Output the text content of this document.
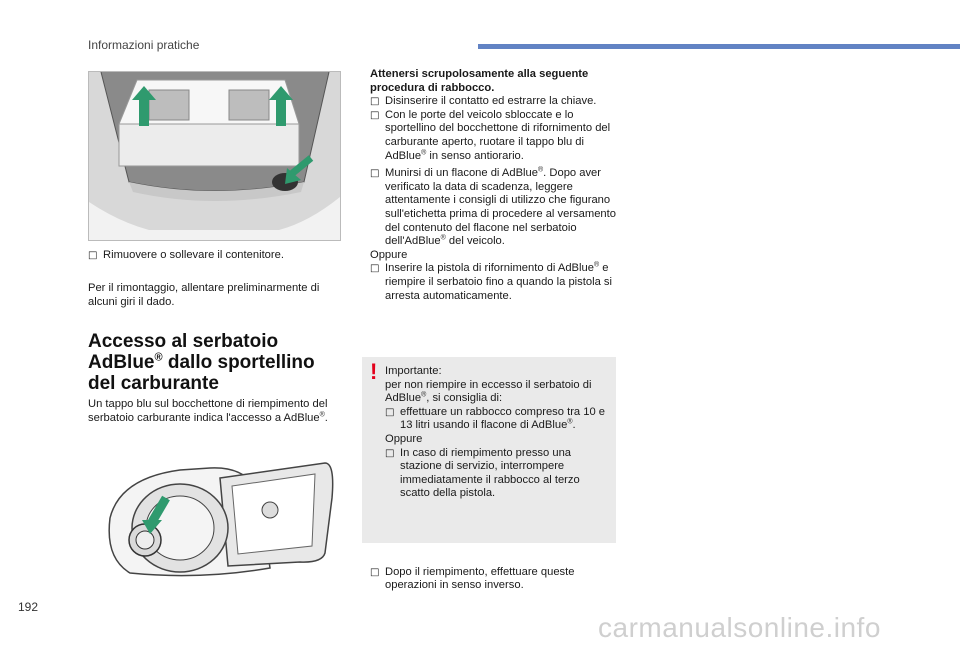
Informazioni pratiche
□
Rimuovere o sollevare il contenitore.
Per il rimontaggio, allentare preliminarmente di alcuni giri il dado.
Accesso al serbatoio
AdBlue® dallo sportellino
del carburante
Un tappo blu sul bocchettone di riempimento del serbatoio carburante indica l'accesso a AdBlue®.

Attenersi scrupolosamente alla seguente procedura di rabbocco.

□
Disinserire il contatto ed estrarre la chiave.
□
Con le porte del veicolo sbloccate e lo sportellino del bocchettone di rifornimento del carburante aperto, ruotare il tappo blu di AdBlue® in senso antiorario.
□
Munirsi di un flacone di AdBlue®. Dopo aver verificato la data di scadenza, leggere attentamente i consigli di utilizzo che figurano sull'etichetta prima di procedere al versamento del contenuto del flacone nel serbatoio dell'AdBlue® del veicolo.

Oppure

□
Inserire la pistola di rifornimento di AdBlue® e riempire il serbatoio fino a quando la pistola si arresta automaticamente.
! Importante:

per non riempire in eccesso il serbatoio di AdBlue®, si consiglia di:

□
effettuare un rabbocco compreso tra 10 e 13 litri usando il flacone di AdBlue®.

Oppure

□
In caso di riempimento presso una stazione di servizio, interrompere immediatamente il rabbocco al terzo scatto della pistola.
□
Dopo il riempimento, effettuare queste operazioni in senso inverso.
192
carmanualsonline.info
